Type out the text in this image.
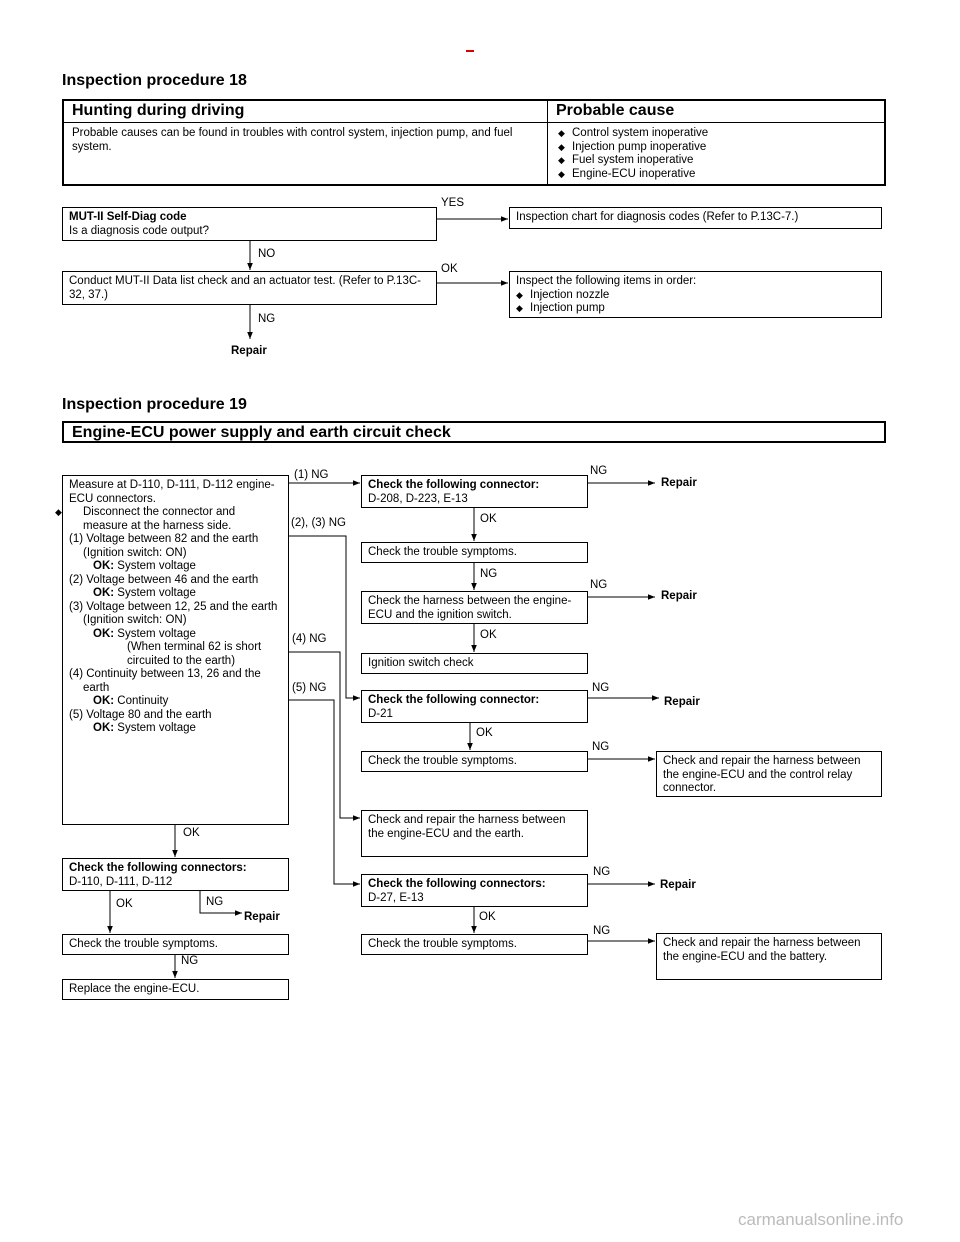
Inspection procedure 18
Hunting during driving	Probable cause
Probable causes can be found in troubles with control system, injection pump, and fuel system.
◆ Control system inoperative
◆ Injection pump inoperative
◆ Fuel system inoperative
◆ Engine-ECU inoperative
MUT-II Self-Diag code
Is a diagnosis code output?
YES
Inspection chart for diagnosis codes (Refer to P.13C-7.)
NO
Conduct MUT-II Data list check and an actuator test. (Refer to P.13C-32, 37.)
OK
Inspect the following items in order:
◆ Injection nozzle
◆ Injection pump
NG
Repair
Inspection procedure 19
Engine-ECU power supply and earth circuit check
Measure at D-110, D-111, D-112 engine-ECU connectors.
◆ Disconnect the connector and measure at the harness side.
(1) Voltage between 82 and the earth (Ignition switch: ON)
OK: System voltage
(2) Voltage between 46 and the earth
OK: System voltage
(3) Voltage between 12, 25 and the earth (Ignition switch: ON)
OK: System voltage
(When terminal 62 is short circuited to the earth)
(4) Continuity between 13, 26 and the earth
OK: Continuity
(5) Voltage 80 and the earth
OK: System voltage
(1) NG
(2), (3) NG
(4) NG
(5) NG
Check the following connector:
D-208, D-223, E-13
NG
Repair
OK
Check the trouble symptoms.
NG
Check the harness between the engine-ECU and the ignition switch.
NG
Repair
OK
Ignition switch check
Check the following connector:
D-21
NG
Repair
OK
Check the trouble symptoms.
NG
Check and repair the harness between the engine-ECU and the control relay connector.
Check and repair the harness between the engine-ECU and the earth.
Check the following connectors:
D-27, E-13
NG
Repair
OK
Check the trouble symptoms.
NG
Check and repair the harness between the engine-ECU and the battery.
OK
Check the following connectors:
D-110, D-111, D-112
OK	NG
Repair
Check the trouble symptoms.
NG
Replace the engine-ECU.
carmanualsonline.info
